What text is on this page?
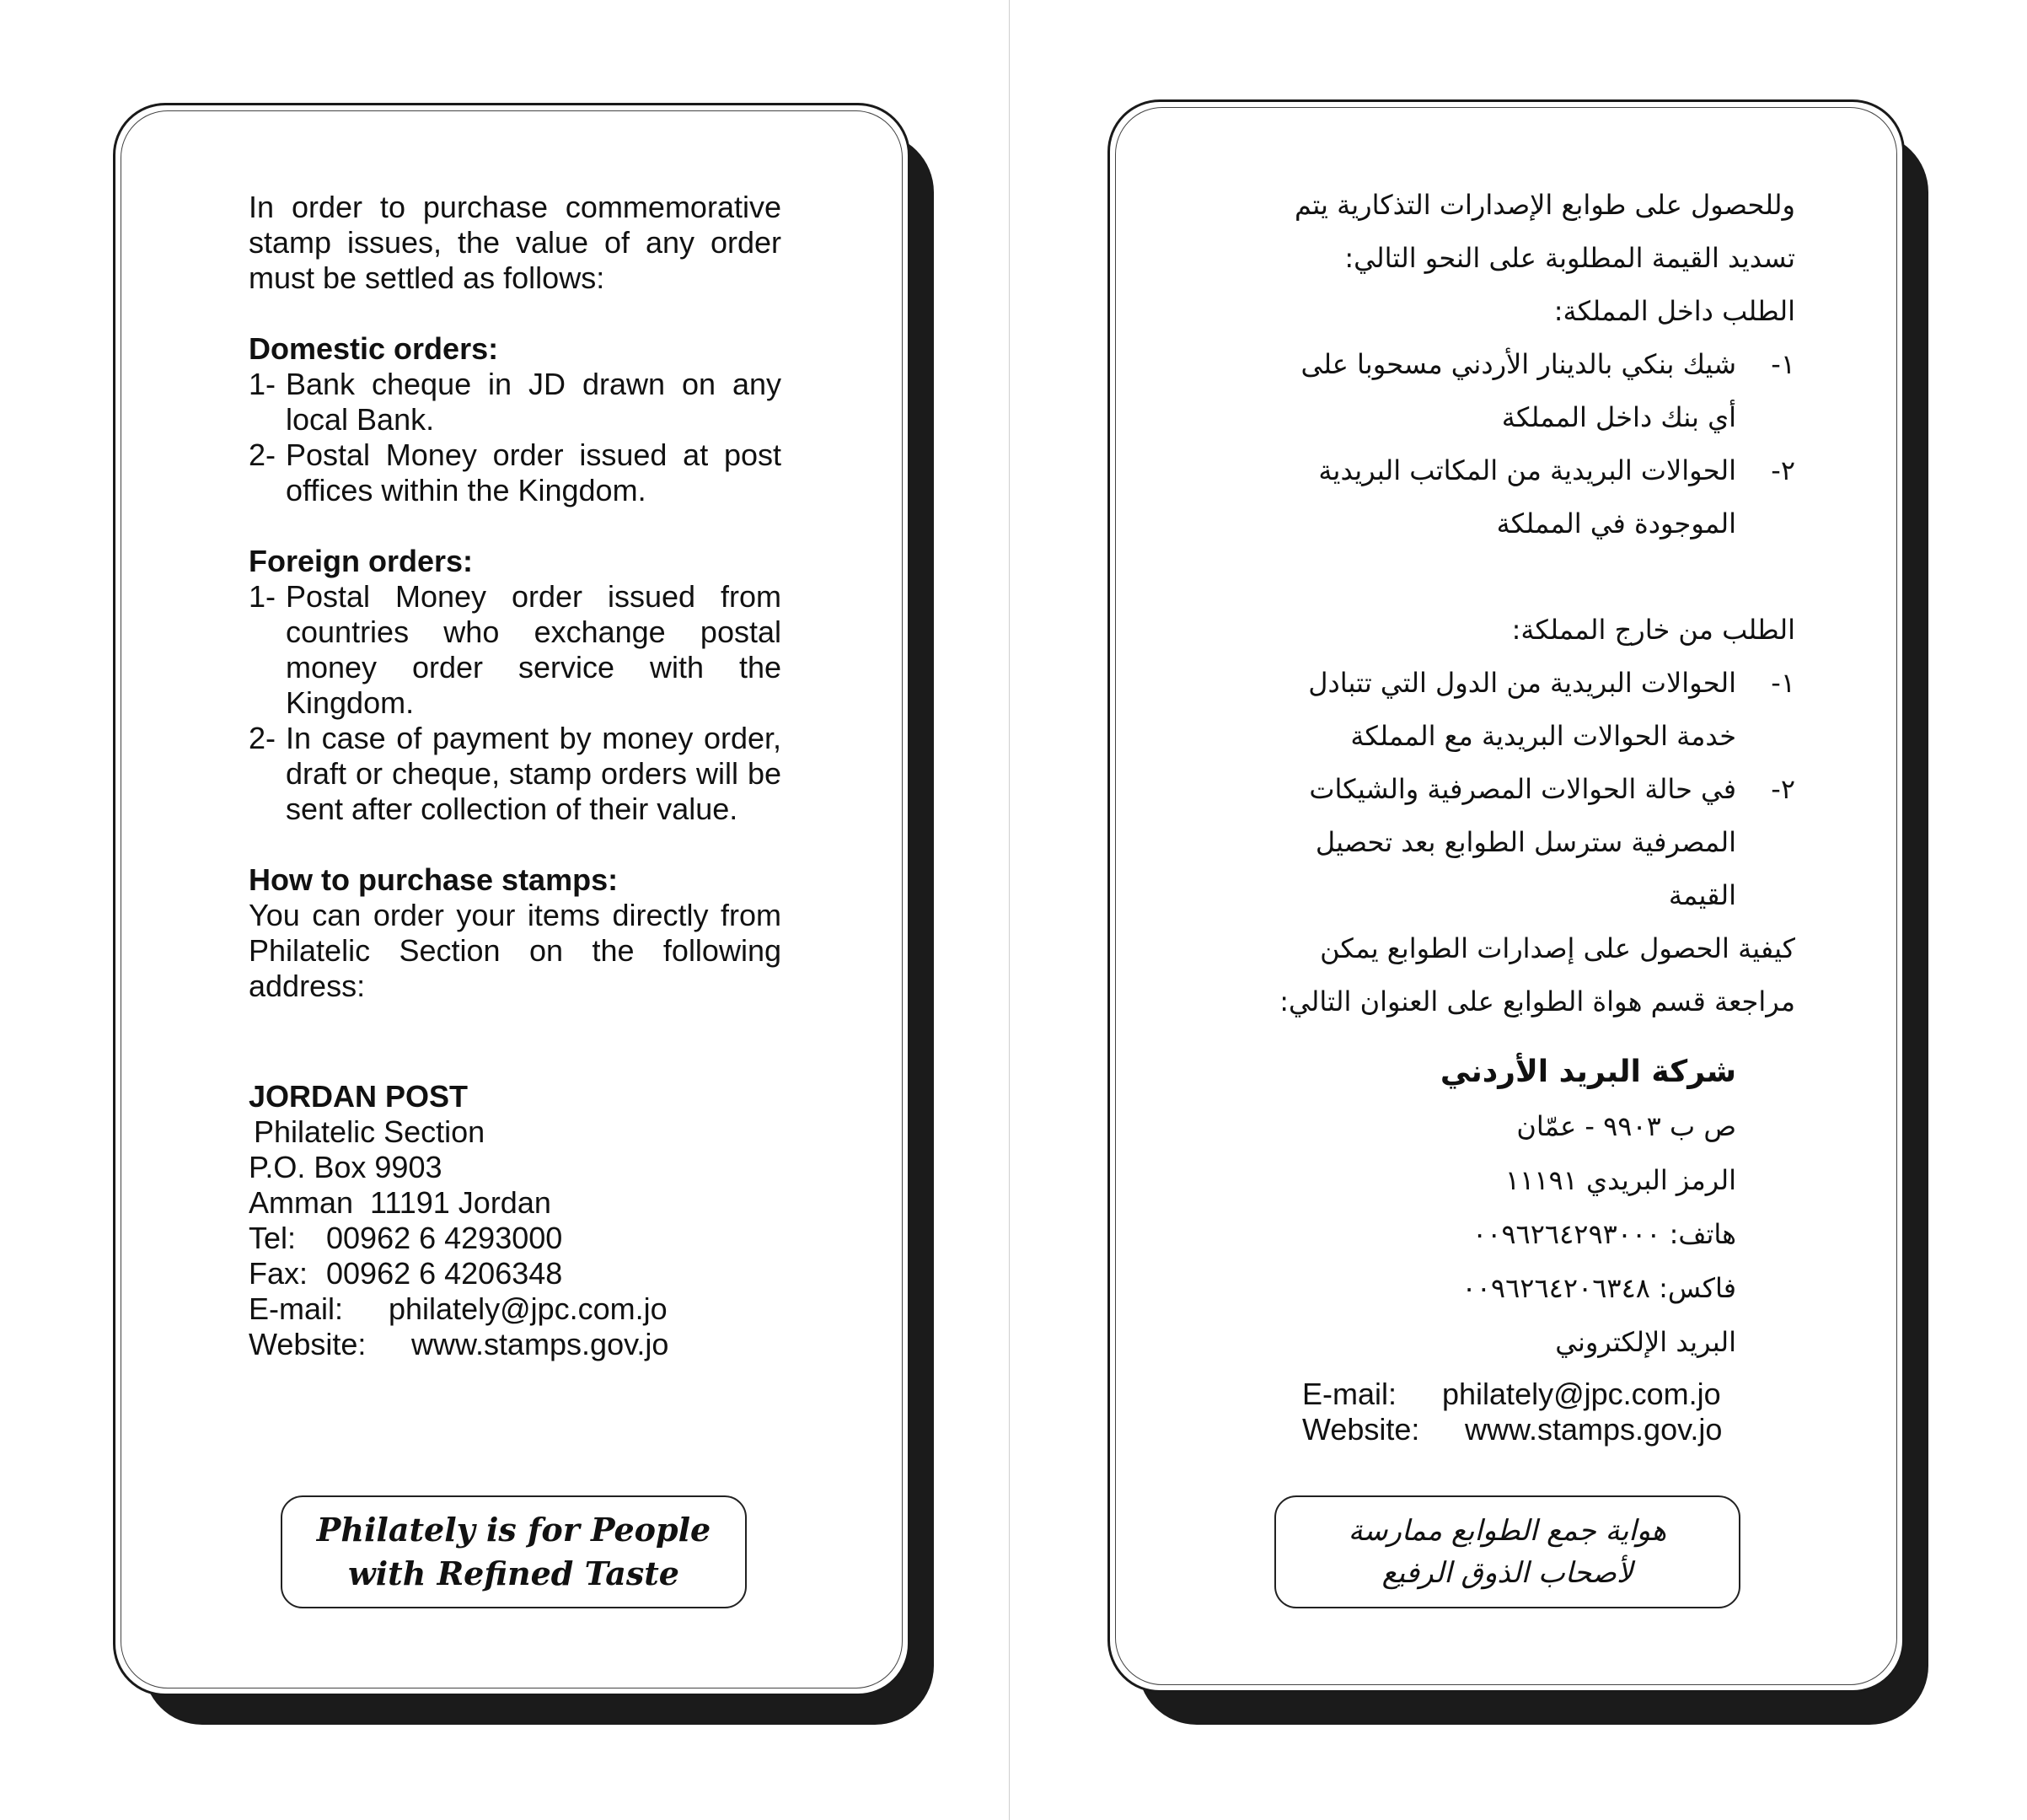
In order to purchase commemorative stamp issues, the value of any order must be settled as follows:

Domestic orders:

1- Bank cheque in JD drawn on any local Bank.
2- Postal Money order issued at post offices within the Kingdom.

Foreign orders:

1- Postal Money order issued from countries who exchange postal money order service with the Kingdom.
2- In case of payment by money order, draft or cheque, stamp orders will be sent after collection of their value.

How to purchase stamps:

You can order your items directly from Philatelic Section on the following address:

JORDAN POST
Philatelic Section
P.O. Box 9903
Amman  11191 Jordan
Tel: 00962 6 4293000
Fax: 00962 6 4206348
E-mail: philately@jpc.com.jo
Website: www.stamps.gov.jo
Philately is for People
with Refined Taste

وللحصول على طوابع الإصدارات التذكارية يتم

تسديد القيمة المطلوبة على النحو التالي:

الطلب داخل المملكة:

١-
شيك بنكي بالدينار الأردني مسحوبا على
أي بنك داخل المملكة
٢-
الحوالات البريدية من المكاتب البريدية
الموجودة في المملكة

الطلب من خارج المملكة:

١-
الحوالات البريدية من الدول التي تتبادل
خدمة الحوالات البريدية مع المملكة
٢-
في حالة الحوالات المصرفية والشيكات
المصرفية سترسل الطوابع بعد تحصيل
القيمة

كيفية الحصول على إصدارات الطوابع يمكن

مراجعة قسم هواة الطوابع على العنوان التالي:

شركة البريد الأردني
ص ب ٩٩٠٣ - عمّان
الرمز البريدي ١١١٩١
هاتف: ٠٠٩٦٢٦٤٢٩٣٠٠٠
فاكس: ٠٠٩٦٢٦٤٢٠٦٣٤٨
البريد الإلكتروني
E-mail: philately@jpc.com.jo
Website: www.stamps.gov.jo
هواية جمع الطوابع ممارسة
لأصحاب الذوق الرفيع
